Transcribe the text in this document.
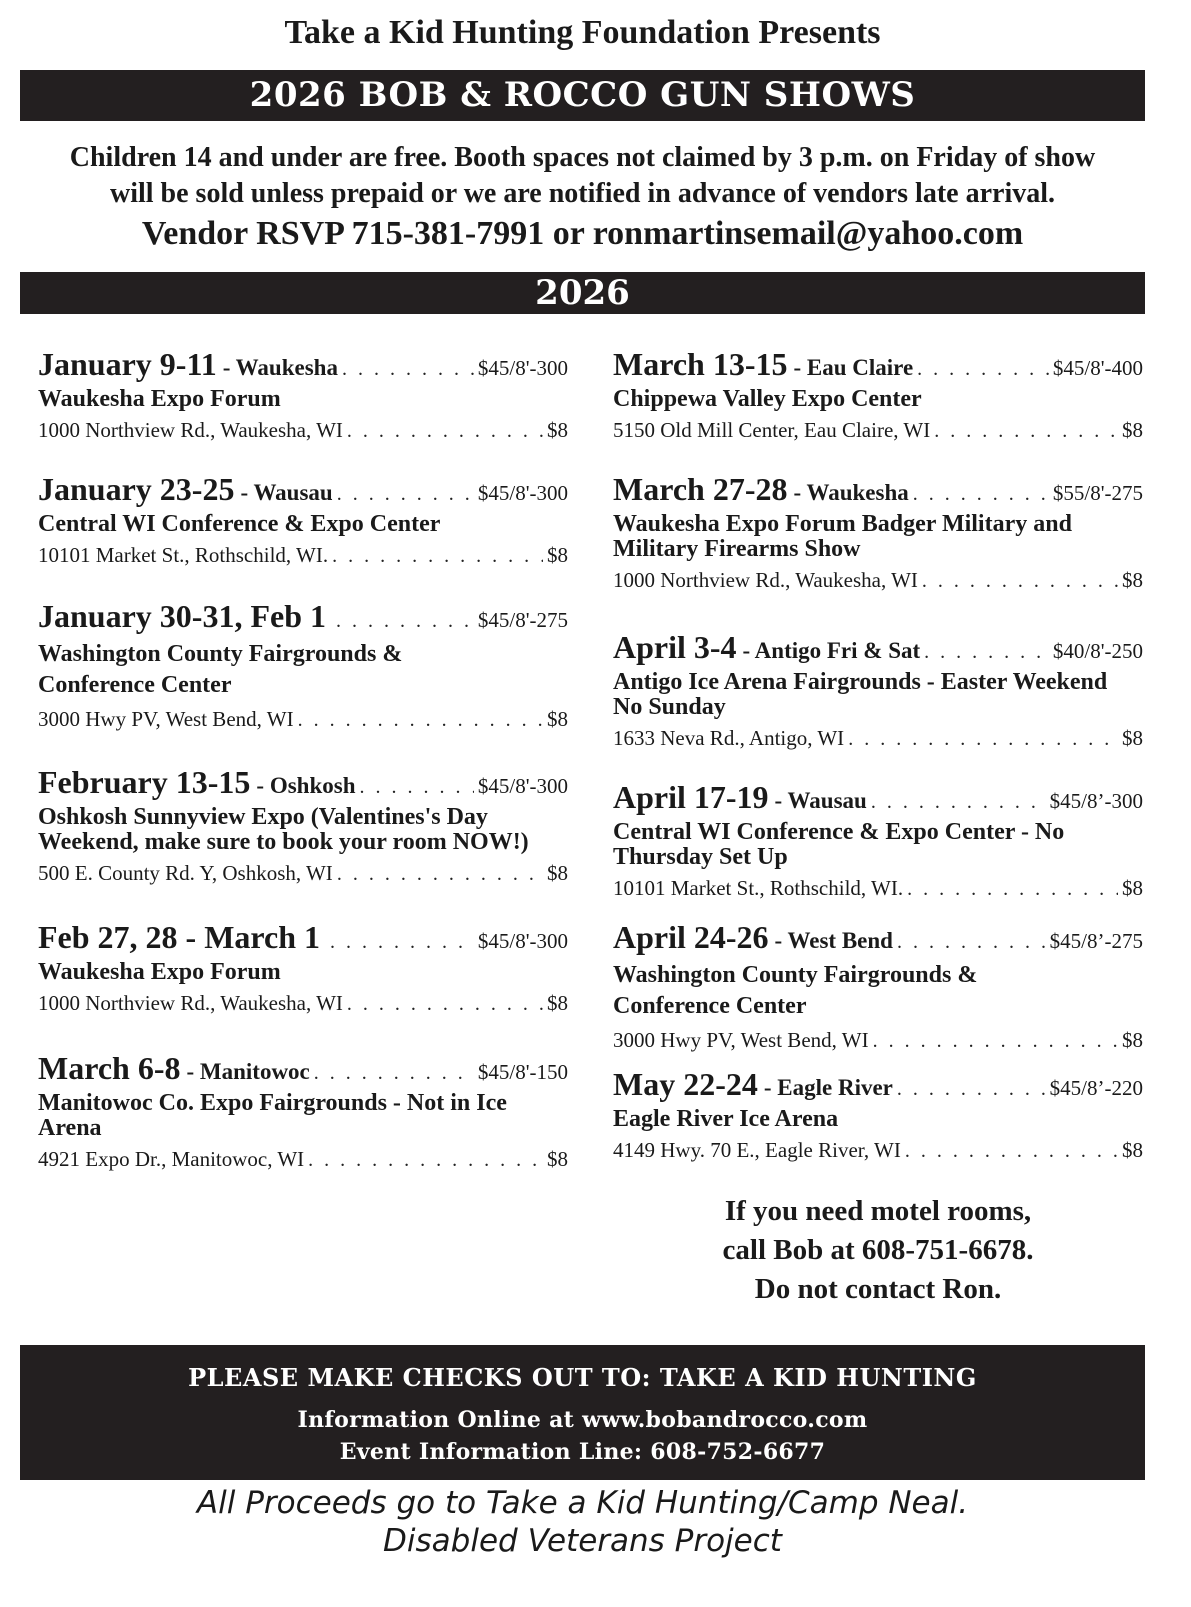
Take a Kid Hunting Foundation Presents
2026 BOB & ROCCO GUN SHOWS
Children 14 and under are free. Booth spaces not claimed by 3 p.m. on Friday of show
will be sold unless prepaid or we are notified in advance of vendors late arrival.
Vendor RSVP 715-381-7991 or ronmartinsemail@yahoo.com
2026
January 9-11 - Waukesha . . .	$45/8'-300
Waukesha Expo Forum
1000 Northview Rd., Waukesha, WI . . .	$8
January 23-25 - Wausau . . .	$45/8'-300
Central WI Conference & Expo Center
10101 Market St., Rothschild, WI. . . .	$8
January 30-31, Feb 1 . . .	$45/8'-275
Washington County Fairgrounds & Conference Center
3000 Hwy PV, West Bend, WI . . .	$8
February 13-15 - Oshkosh . . .	$45/8'-300
Oshkosh Sunnyview Expo (Valentines's Day Weekend, make sure to book your room NOW!)
500 E. County Rd. Y, Oshkosh, WI . . .	$8
Feb 27, 28 - March 1 . . .	$45/8'-300
Waukesha Expo Forum
1000 Northview Rd., Waukesha, WI . . .	$8
March 6-8 - Manitowoc . . .	$45/8'-150
Manitowoc Co. Expo Fairgrounds - Not in Ice Arena
4921 Expo Dr., Manitowoc, WI . . .	$8
March 13-15 - Eau Claire . . .	$45/8'-400
Chippewa Valley Expo Center
5150 Old Mill Center, Eau Claire, WI . . .	$8
March 27-28 - Waukesha . . .	$55/8'-275
Waukesha Expo Forum Badger Military and Military Firearms Show
1000 Northview Rd., Waukesha, WI . . .	$8
April 3-4 - Antigo Fri & Sat . . .	$40/8'-250
Antigo Ice Arena Fairgrounds - Easter Weekend No Sunday
1633 Neva Rd., Antigo, WI . . .	$8
April 17-19 - Wausau . . .	$45/8’-300
Central WI Conference & Expo Center - No Thursday Set Up
10101 Market St., Rothschild, WI. . . .	$8
April 24-26 - West Bend . . .	$45/8’-275
Washington County Fairgrounds & Conference Center
3000 Hwy PV, West Bend, WI . . .	$8
May 22-24 - Eagle River . . .	$45/8’-220
Eagle River Ice Arena
4149 Hwy. 70 E., Eagle River, WI . . .	$8
If you need motel rooms,
call Bob at 608-751-6678.
Do not contact Ron.
PLEASE MAKE CHECKS OUT TO: TAKE A KID HUNTING
Information Online at www.bobandrocco.com
Event Information Line: 608-752-6677
All Proceeds go to Take a Kid Hunting/Camp Neal.
Disabled Veterans Project
